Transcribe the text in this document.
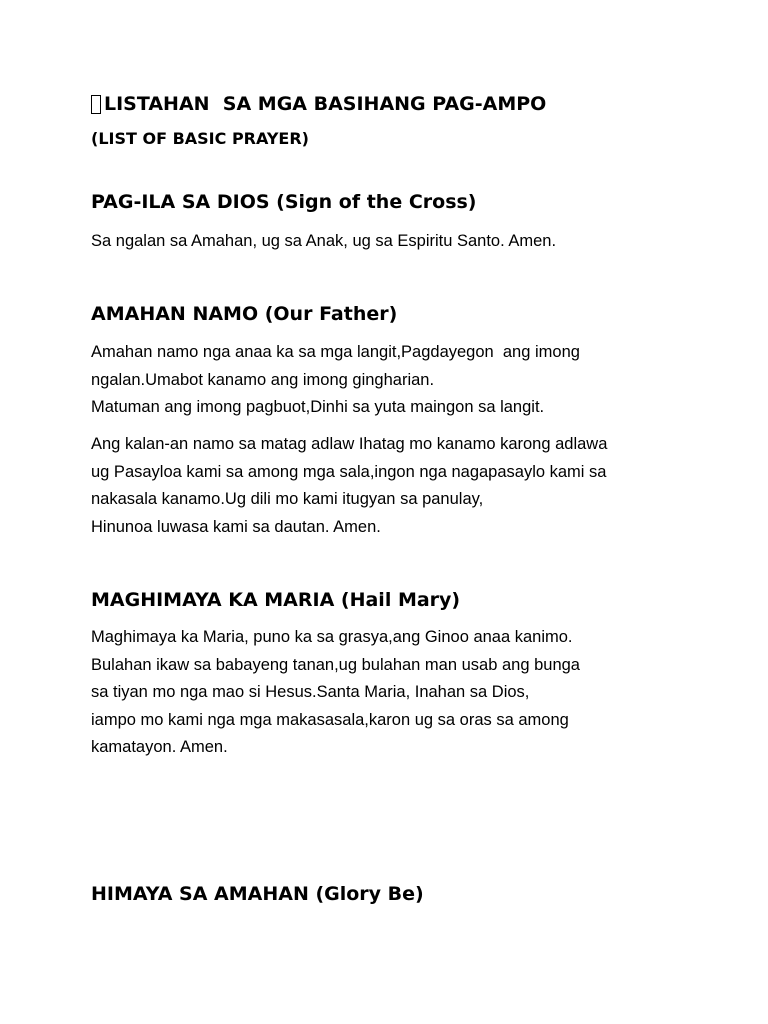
LISTAHAN  SA MGA BASIHANG PAG-AMPO
(LIST OF BASIC PRAYER)
PAG-ILA SA DIOS (Sign of the Cross)

Sa ngalan sa Amahan, ug sa Anak, ug sa Espiritu Santo. Amen.

AMAHAN NAMO (Our Father)

Amahan namo nga anaa ka sa mga langit,Pagdayegon  ang imong
ngalan.Umabot kanamo ang imong gingharian.
Matuman ang imong pagbuot,Dinhi sa yuta maingon sa langit.

Ang kalan-an namo sa matag adlaw Ihatag mo kanamo karong adlawa
ug Pasayloa kami sa among mga sala,ingon nga nagapasaylo kami sa
nakasala kanamo.Ug dili mo kami itugyan sa panulay,
Hinunoa luwasa kami sa dautan. Amen.

MAGHIMAYA KA MARIA (Hail Mary)

Maghimaya ka Maria, puno ka sa grasya,ang Ginoo anaa kanimo.
Bulahan ikaw sa babayeng tanan,ug bulahan man usab ang bunga
sa tiyan mo nga mao si Hesus.Santa Maria, Inahan sa Dios,
iampo mo kami nga mga makasasala,karon ug sa oras sa among
kamatayon. Amen.

HIMAYA SA AMAHAN (Glory Be)
